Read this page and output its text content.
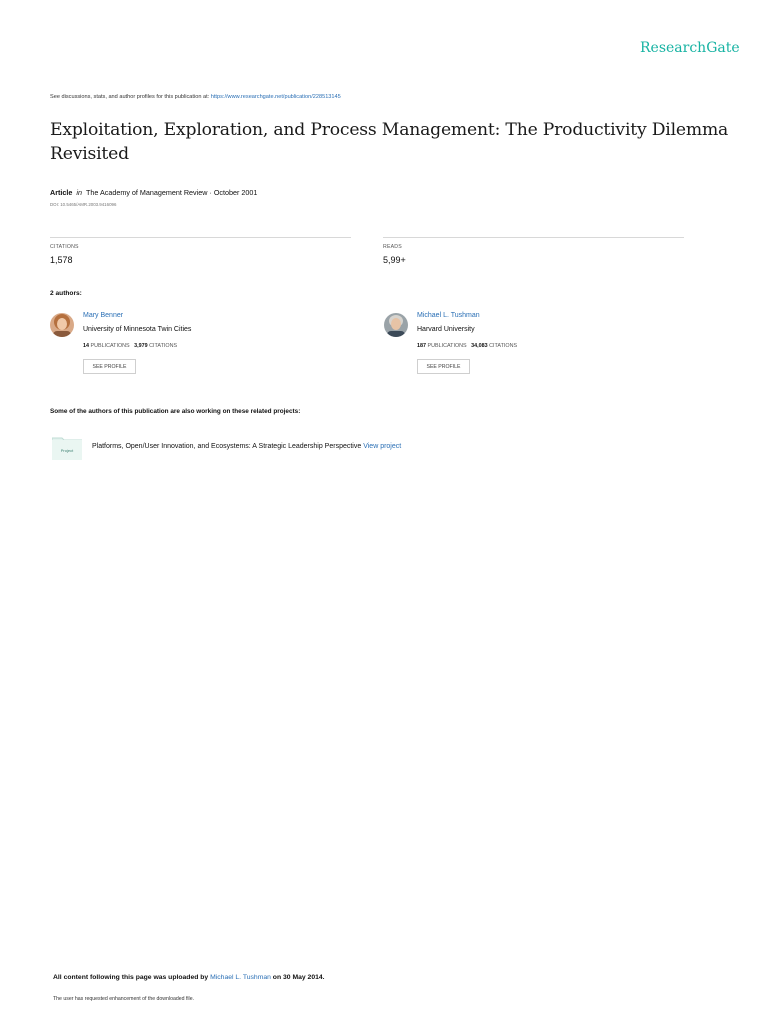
ResearchGate
See discussions, stats, and author profiles for this publication at: https://www.researchgate.net/publication/228513145
Exploitation, Exploration, and Process Management: The Productivity Dilemma Revisited
Article in The Academy of Management Review · October 2001
DOI: 10.5465/AMR.2003.9416096
CITATIONS
1,578
READS
5,99+
2 authors:
Mary Benner
University of Minnesota Twin Cities
14 PUBLICATIONS 3,979 CITATIONS
SEE PROFILE
Michael L. Tushman
Harvard University
187 PUBLICATIONS 34,083 CITATIONS
SEE PROFILE
Some of the authors of this publication are also working on these related projects:
Project
Platforms, Open/User Innovation, and Ecosystems: A Strategic Leadership Perspective View project
All content following this page was uploaded by Michael L. Tushman on 30 May 2014.
The user has requested enhancement of the downloaded file.
